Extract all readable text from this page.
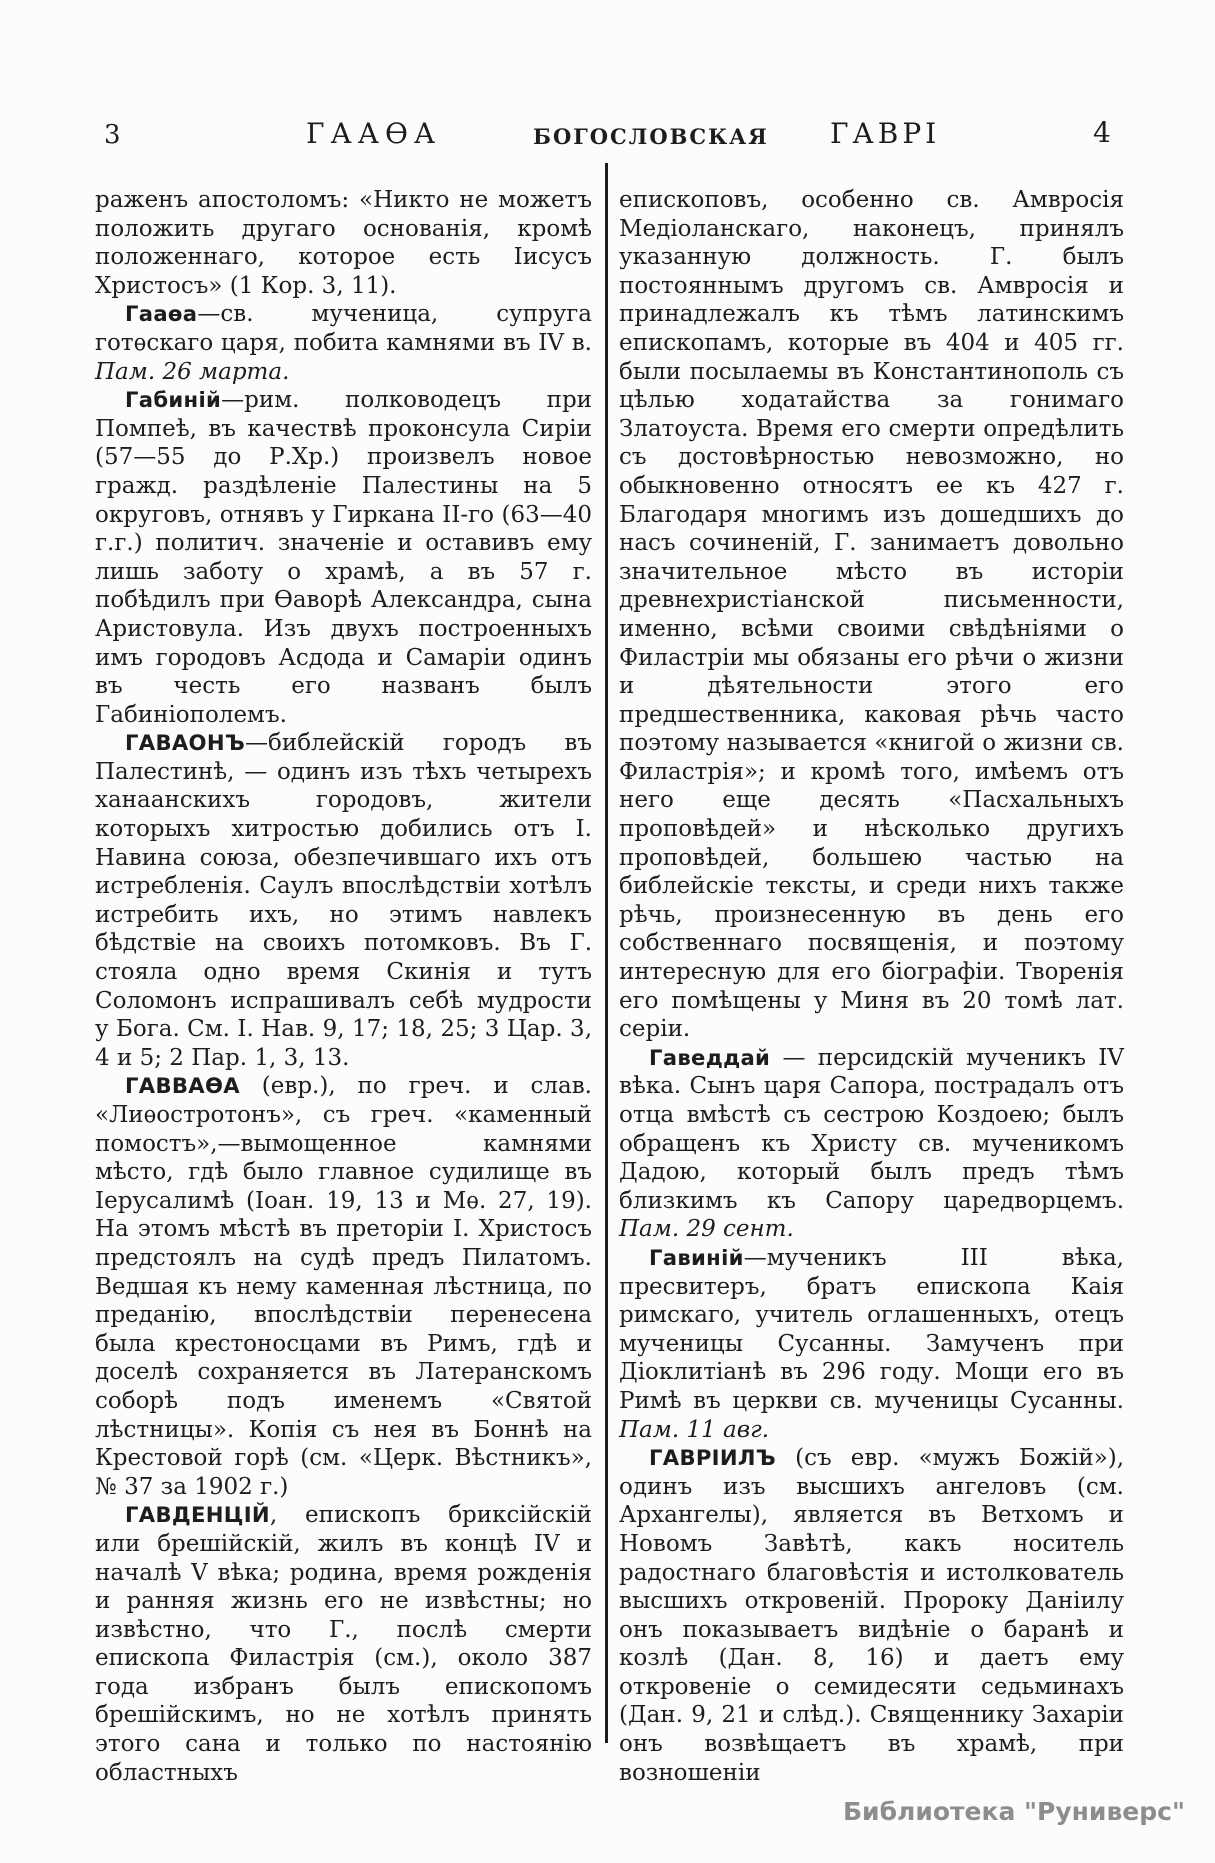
3	ГААѲА	БОГОСЛОВСКАЯ ГАВРІ	4

раженъ апостоломъ: «Никто не можетъ положить другаго основанія, кромѣ положеннаго, которое есть Іисусъ Христосъ» (1 Кор. 3, 11).

Гааѳа—св. мученица, супруга готѳскаго царя, побита камнями въ IV в. Пам. 26 марта.

Габиній—рим. полководецъ при Помпеѣ, въ качествѣ проконсула Сиріи (57—55 до Р.Хр.) произвелъ новое гражд. раздѣленіе Палестины на 5 округовъ, отнявъ у Гиркана II-го (63—40 г.г.) политич. значеніе и оставивъ ему лишь заботу о храмѣ, а въ 57 г. побѣдилъ при Ѳаворѣ Александра, сына Аристовула. Изъ двухъ построенныхъ имъ городовъ Асдода и Самаріи одинъ въ честь его названъ былъ Габиніополемъ.

ГАВАОНЪ—библейскій городъ въ Палестинѣ, — одинъ изъ тѣхъ четырехъ ханаанскихъ городовъ, жители которыхъ хитростью добились отъ І. Навина союза, обезпечившаго ихъ отъ истребленія. Саулъ впослѣдствіи хотѣлъ истребить ихъ, но этимъ навлекъ бѣдствіе на своихъ потомковъ. Въ Г. стояла одно время Скинія и тутъ Соломонъ испрашивалъ себѣ мудрости у Бога. См. І. Нав. 9, 17; 18, 25; 3 Цар. 3, 4 и 5; 2 Пар. 1, 3, 13.

ГАВВАѲА (евр.), по греч. и слав. «Лиѳостротонъ», съ греч. «каменный помостъ»,—вымощенное камнями мѣсто, гдѣ было главное судилище въ Іерусалимѣ (Іоан. 19, 13 и Мѳ. 27, 19). На этомъ мѣстѣ въ преторіи І. Христосъ предстоялъ на судѣ предъ Пилатомъ. Ведшая къ нему каменная лѣстница, по преданію, впослѣдствіи перенесена была крестоносцами въ Римъ, гдѣ и доселѣ сохраняется въ Латеранскомъ соборѣ подъ именемъ «Святой лѣстницы». Копія съ нея въ Боннѣ на Крестовой горѣ (см. «Церк. Вѣстникъ», № 37 за 1902 г.)

ГАВДЕНЦІЙ, епископъ бриксійскій или брешійскій, жилъ въ концѣ IV и началѣ V вѣка; родина, время рожденія и ранняя жизнь его не извѣстны; но извѣстно, что Г., послѣ смерти епископа Филастрія (см.), около 387 года избранъ былъ епископомъ брешійскимъ, но не хотѣлъ принять этого сана и только по настоянію областныхъ

епископовъ, особенно св. Амвросія Медіоланскаго, наконецъ, принялъ указанную должность. Г. былъ постояннымъ другомъ св. Амвросія и принадлежалъ къ тѣмъ латинскимъ епископамъ, которые въ 404 и 405 гг. были посылаемы въ Константинополь съ цѣлью ходатайства за гонимаго Златоуста. Время его смерти опредѣлить съ достовѣрностью невозможно, но обыкновенно относятъ ее къ 427 г. Благодаря многимъ изъ дошедшихъ до насъ сочиненій, Г. занимаетъ довольно значительное мѣсто въ исторіи древнехристіанской письменности, именно, всѣми своими свѣдѣніями о Филастріи мы обязаны его рѣчи о жизни и дѣятельности этого его предшественника, каковая рѣчь часто поэтому называется «книгой о жизни св. Филастрія»; и кромѣ того, имѣемъ отъ него еще десять «Пасхальныхъ проповѣдей» и нѣсколько другихъ проповѣдей, большею частью на библейскіе тексты, и среди нихъ также рѣчь, произнесенную въ день его собственнаго посвященія, и поэтому интересную для его біографіи. Творенія его помѣщены у Миня въ 20 томѣ лат. серіи.

Гаведдай — персидскій мученикъ IV вѣка. Сынъ царя Сапора, пострадалъ отъ отца вмѣстѣ съ сестрою Коздоею; былъ обращенъ къ Христу св. мученикомъ Дадою, который былъ предъ тѣмъ близкимъ къ Сапору царедворцемъ. Пам. 29 сент.

Гавиній—мученикъ III вѣка, пресвитеръ, братъ епископа Каія римскаго, учитель оглашенныхъ, отецъ мученицы Сусанны. Замученъ при Діоклитіанѣ въ 296 году. Мощи его въ Римѣ въ церкви св. мученицы Сусанны. Пам. 11 авг.

ГАВРІИЛЪ (съ евр. «мужъ Божій»), одинъ изъ высшихъ ангеловъ (см. Архангелы), является въ Ветхомъ и Новомъ Завѣтѣ, какъ носитель радостнаго благовѣстія и истолкователь высшихъ откровеній. Пророку Даніилу онъ показываетъ видѣніе о баранѣ и козлѣ (Дан. 8, 16) и даетъ ему откровеніе о семидесяти седьминахъ (Дан. 9, 21 и слѣд.). Священнику Захаріи онъ возвѣщаетъ въ храмѣ, при возношеніи

Библиотека "Руниверс"
